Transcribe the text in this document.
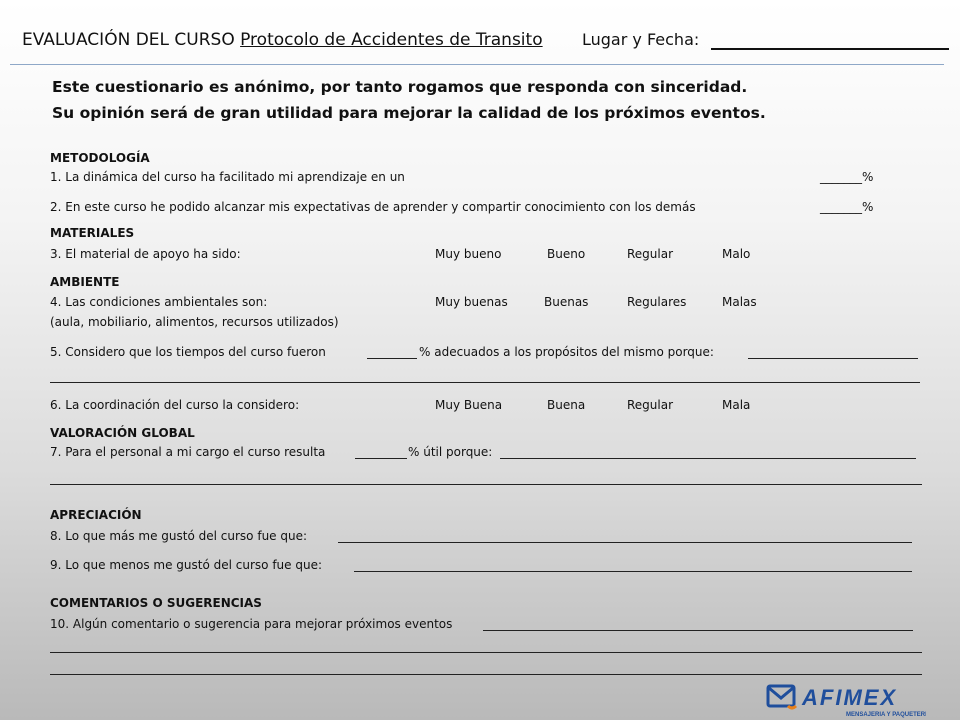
EVALUACIÓN DEL CURSO Protocolo de Accidentes de Transito Lugar y Fecha:
Este cuestionario es anónimo, por tanto rogamos que responda con sinceridad.
Su opinión será de gran utilidad para mejorar la calidad de los próximos eventos.
METODOLOGÍA
1. La dinámica del curso ha facilitado mi aprendizaje en un	_______%
2. En este curso he podido alcanzar mis expectativas de aprender y compartir conocimiento con los demás	_______%
MATERIALES
3. El material de apoyo ha sido:	Muy bueno	Bueno	Regular	Malo
AMBIENTE
4. Las condiciones ambientales son:	Muy buenas	Buenas	Regulares	Malas
(aula, mobiliario, alimentos, recursos utilizados)
5. Considero que los tiempos del curso fueron	% adecuados a los propósitos del mismo porque:
6. La coordinación del curso la considero:	Muy Buena	Buena	Regular	Mala
VALORACIÓN GLOBAL
7. Para el personal a mi cargo el curso resulta	% útil porque:
APRECIACIÓN
8. Lo que más me gustó del curso fue que:
9. Lo que menos me gustó del curso fue que:
COMENTARIOS O SUGERENCIAS
10. Algún comentario o sugerencia para mejorar próximos eventos
AFIMEX
MENSAJERIA Y PAQUETERIA
